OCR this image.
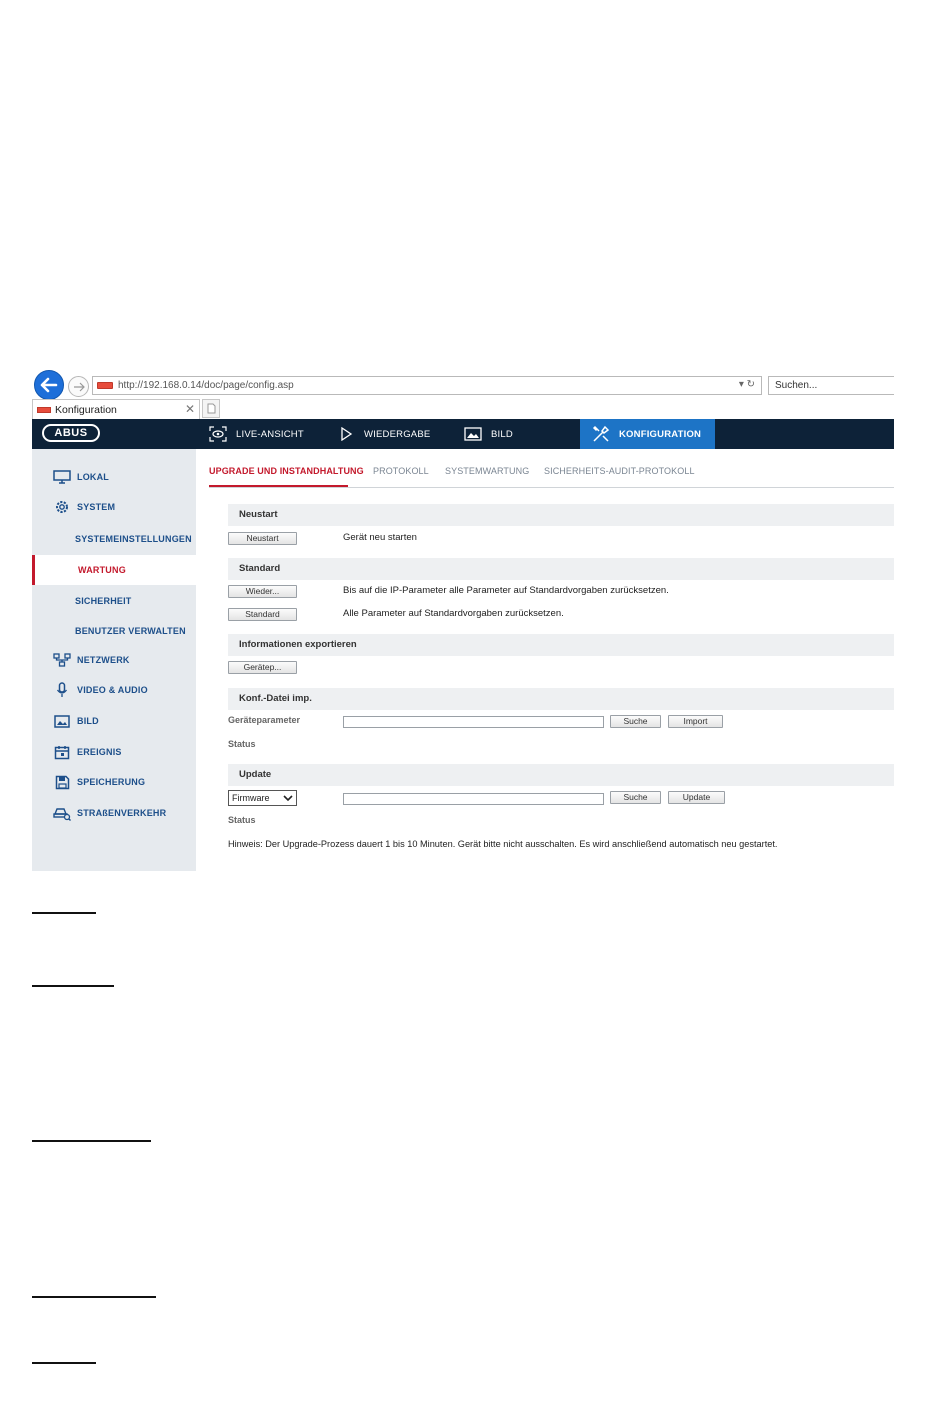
http://192.168.0.14/doc/page/config.asp	▾ ↻	Suchen...
Konfiguration	✕
ABUS	LIVE-ANSICHT	WIEDERGABE	BILD	KONFIGURATION
LOKAL
SYSTEM
SYSTEMEINSTELLUNGEN
WARTUNG
SICHERHEIT
BENUTZER VERWALTEN
NETZWERK
VIDEO & AUDIO
BILD
EREIGNIS
SPEICHERUNG
STRAßENVERKEHR
UPGRADE UND INSTANDHALTUNG PROTOKOLL SYSTEMWARTUNG SICHERHEITS-AUDIT-PROTOKOLL
Neustart
Neustart	Gerät neu starten
Standard
Wieder...	Bis auf die IP-Parameter alle Parameter auf Standardvorgaben zurücksetzen.
Standard	Alle Parameter auf Standardvorgaben zurücksetzen.
Informationen exportieren
Gerätep...
Konf.-Datei imp.
Geräteparameter	Suche	Import
Status
Update
Firmware	Suche	Update
Status
Hinweis: Der Upgrade-Prozess dauert 1 bis 10 Minuten. Gerät bitte nicht ausschalten. Es wird anschließend automatisch neu gestartet.
